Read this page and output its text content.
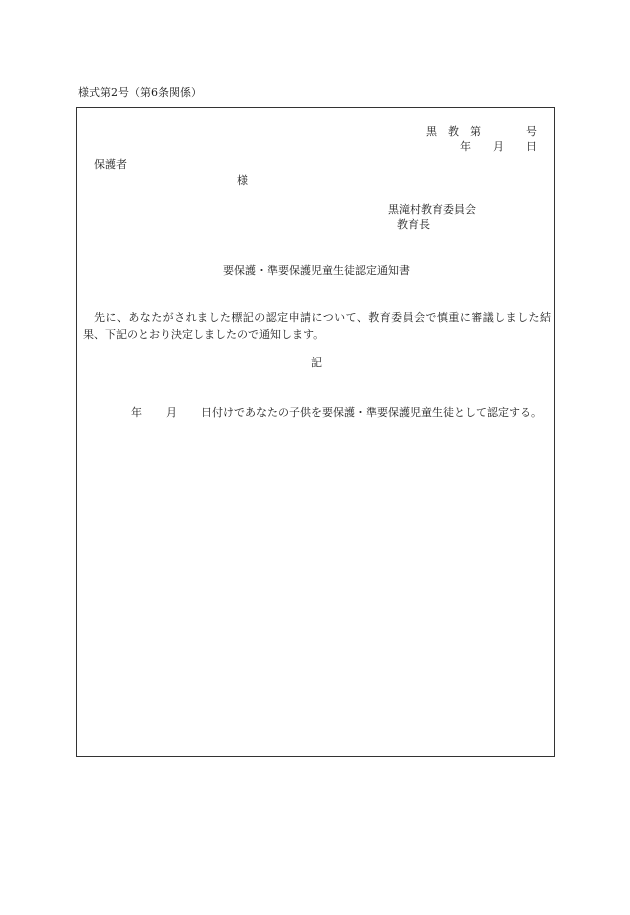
様式第2号（第6条関係）
黒 教 第	号
年 月 日
保護者
様
黒滝村教育委員会
教育長
要保護・準要保護児童生徒認定通知書

先に、あなたがされました標記の認定申請について、教育委員会で慎重に審議しました結果、下記のとおり決定しましたので通知します。

記

年 月 日付けであなたの子供を要保護・準要保護児童生徒として認定する。
